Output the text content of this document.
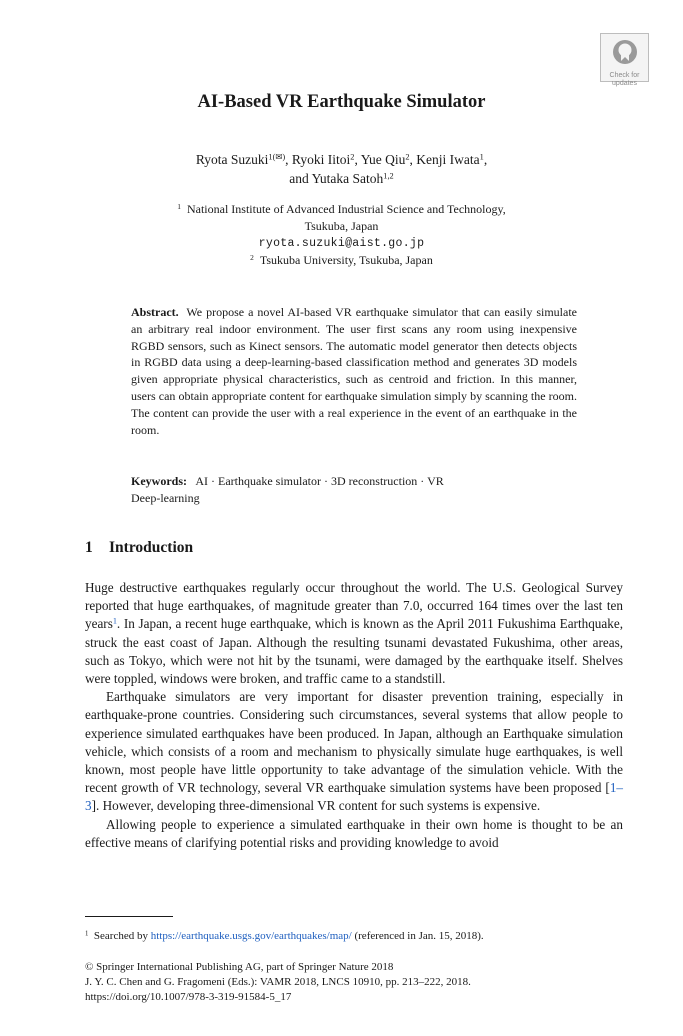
Check for
updates
AI-Based VR Earthquake Simulator
Ryota Suzuki$^{1(✉)}$, Ryoki Iitoi$^2$, Yue Qiu$^2$, Kenji Iwata$^1$,
and Yutaka Satoh$^{1,2}$
$^1$ National Institute of Advanced Industrial Science and Technology,
Tsukuba, Japan
ryota.suzuki@aist.go.jp
$^2$ Tsukuba University, Tsukuba, Japan
Abstract. We propose a novel AI-based VR earthquake simulator that can easily simulate an arbitrary real indoor environment. The user first scans any room using inexpensive RGBD sensors, such as Kinect sensors. The automatic model generator then detects objects in RGBD data using a deep-learning-based classification method and generates 3D models given appropriate physical characteristics, such as centroid and friction. In this manner, users can obtain appropriate content for earthquake simulation simply by scanning the room. The content can provide the user with a real experience in the event of an earthquake in the room.
Keywords: AI · Earthquake simulator · 3D reconstruction · VR
Deep-learning
1 Introduction

Huge destructive earthquakes regularly occur throughout the world. The U.S. Geological Survey reported that huge earthquakes, of magnitude greater than 7.0, occurred 164 times over the last ten years$^1$. In Japan, a recent huge earthquake, which is known as the April 2011 Fukushima Earthquake, struck the east coast of Japan. Although the resulting tsunami devastated Fukushima, other areas, such as Tokyo, which were not hit by the tsunami, were damaged by the earthquake itself. Shelves were toppled, windows were broken, and traffic came to a standstill.

Earthquake simulators are very important for disaster prevention training, especially in earthquake-prone countries. Considering such circumstances, several systems that allow people to experience simulated earthquakes have been produced. In Japan, although an Earthquake simulation vehicle, which consists of a room and mechanism to physically simulate huge earthquakes, is well known, most people have little opportunity to take advantage of the simulation vehicle. With the recent growth of VR technology, several VR earthquake simulation systems have been proposed [1–3]. However, developing three-dimensional VR content for such systems is expensive.

Allowing people to experience a simulated earthquake in their own home is thought to be an effective means of clarifying potential risks and providing knowledge to avoid

$^1$ Searched by https://earthquake.usgs.gov/earthquakes/map/ (referenced in Jan. 15, 2018).
© Springer International Publishing AG, part of Springer Nature 2018
J. Y. C. Chen and G. Fragomeni (Eds.): VAMR 2018, LNCS 10910, pp. 213–222, 2018.
https://doi.org/10.1007/978-3-319-91584-5_17
